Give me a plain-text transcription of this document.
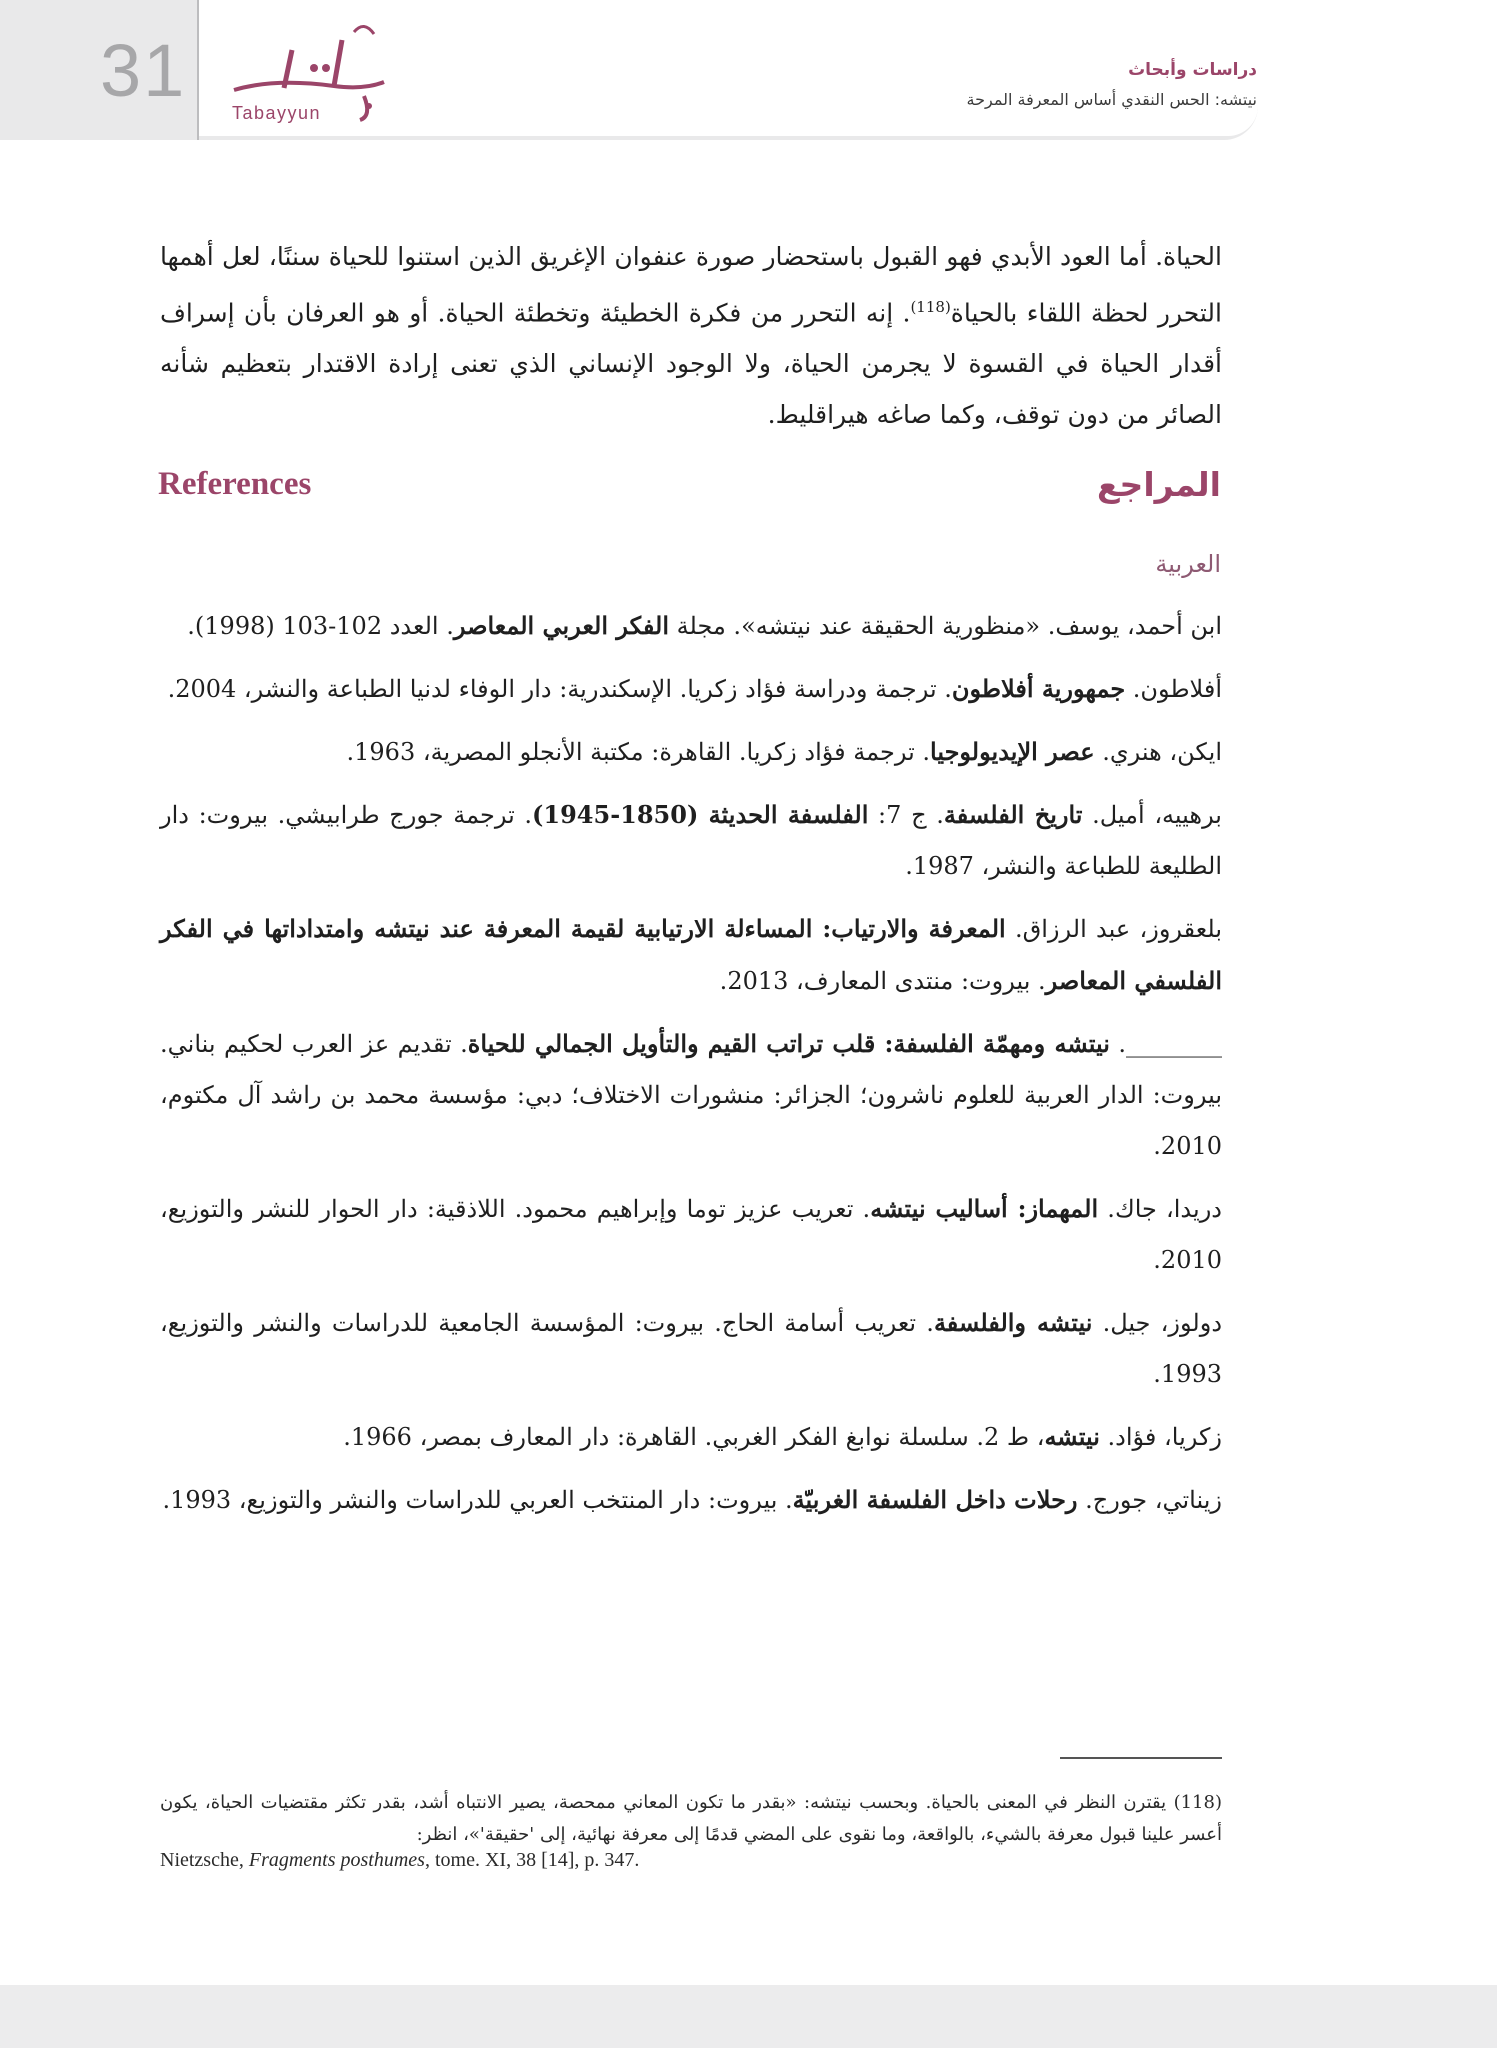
31
Tabayyun
دراسات وأبحاث
نيتشه: الحس النقدي أساس المعرفة المرحة

الحياة. أما العود الأبدي فهو القبول باستحضار صورة عنفوان الإغريق الذين استنوا للحياة سننًا، لعل أهمها التحرر لحظة اللقاء بالحياة$^{(118)}$. إنه التحرر من فكرة الخطيئة وتخطئة الحياة. أو هو العرفان بأن إسراف أقدار الحياة في القسوة لا يجرمن الحياة، ولا الوجود الإنساني الذي تعنى إرادة الاقتدار بتعظيم شأنه الصائر من دون توقف، وكما صاغه هيراقليط.

المراجع
References
العربية

ابن أحمد، يوسف. «منظورية الحقيقة عند نيتشه». مجلة الفكر العربي المعاصر. العدد 102-103 (1998).

أفلاطون. جمهورية أفلاطون. ترجمة ودراسة فؤاد زكريا. الإسكندرية: دار الوفاء لدنيا الطباعة والنشر، 2004.

ايكن، هنري. عصر الإيديولوجيا. ترجمة فؤاد زكريا. القاهرة: مكتبة الأنجلو المصرية، 1963.

برهييه، أميل. تاريخ الفلسفة. ج 7: الفلسفة الحديثة (1850-1945). ترجمة جورج طرابيشي. بيروت: دار الطليعة للطباعة والنشر، 1987.

بلعقروز، عبد الرزاق. المعرفة والارتياب: المساءلة الارتيابية لقيمة المعرفة عند نيتشه وامتداداتها في الفكر الفلسفي المعاصر. بيروت: منتدى المعارف، 2013.

________. نيتشه ومهمّة الفلسفة: قلب تراتب القيم والتأويل الجمالي للحياة. تقديم عز العرب لحكيم بناني. بيروت: الدار العربية للعلوم ناشرون؛ الجزائر: منشورات الاختلاف؛ دبي: مؤسسة محمد بن راشد آل مكتوم، 2010.

دريدا، جاك. المهماز: أساليب نيتشه. تعريب عزيز توما وإبراهيم محمود. اللاذقية: دار الحوار للنشر والتوزيع، 2010.

دولوز، جيل. نيتشه والفلسفة. تعريب أسامة الحاج. بيروت: المؤسسة الجامعية للدراسات والنشر والتوزيع، 1993.

زكريا، فؤاد. نيتشه، ط 2. سلسلة نوابغ الفكر الغربي. القاهرة: دار المعارف بمصر، 1966.

زيناتي، جورج. رحلات داخل الفلسفة الغربيّة. بيروت: دار المنتخب العربي للدراسات والنشر والتوزيع، 1993.

(118) يقترن النظر في المعنى بالحياة. وبحسب نيتشه: «بقدر ما تكون المعاني ممحصة، يصير الانتباه أشد، بقدر تكثر مقتضيات الحياة، يكون أعسر علينا قبول معرفة بالشيء، بالواقعة، وما نقوى على المضي قدمًا إلى معرفة نهائية، إلى 'حقيقة'»، انظر:

Nietzsche, Fragments posthumes, tome. XI, 38 [14], p. 347.
